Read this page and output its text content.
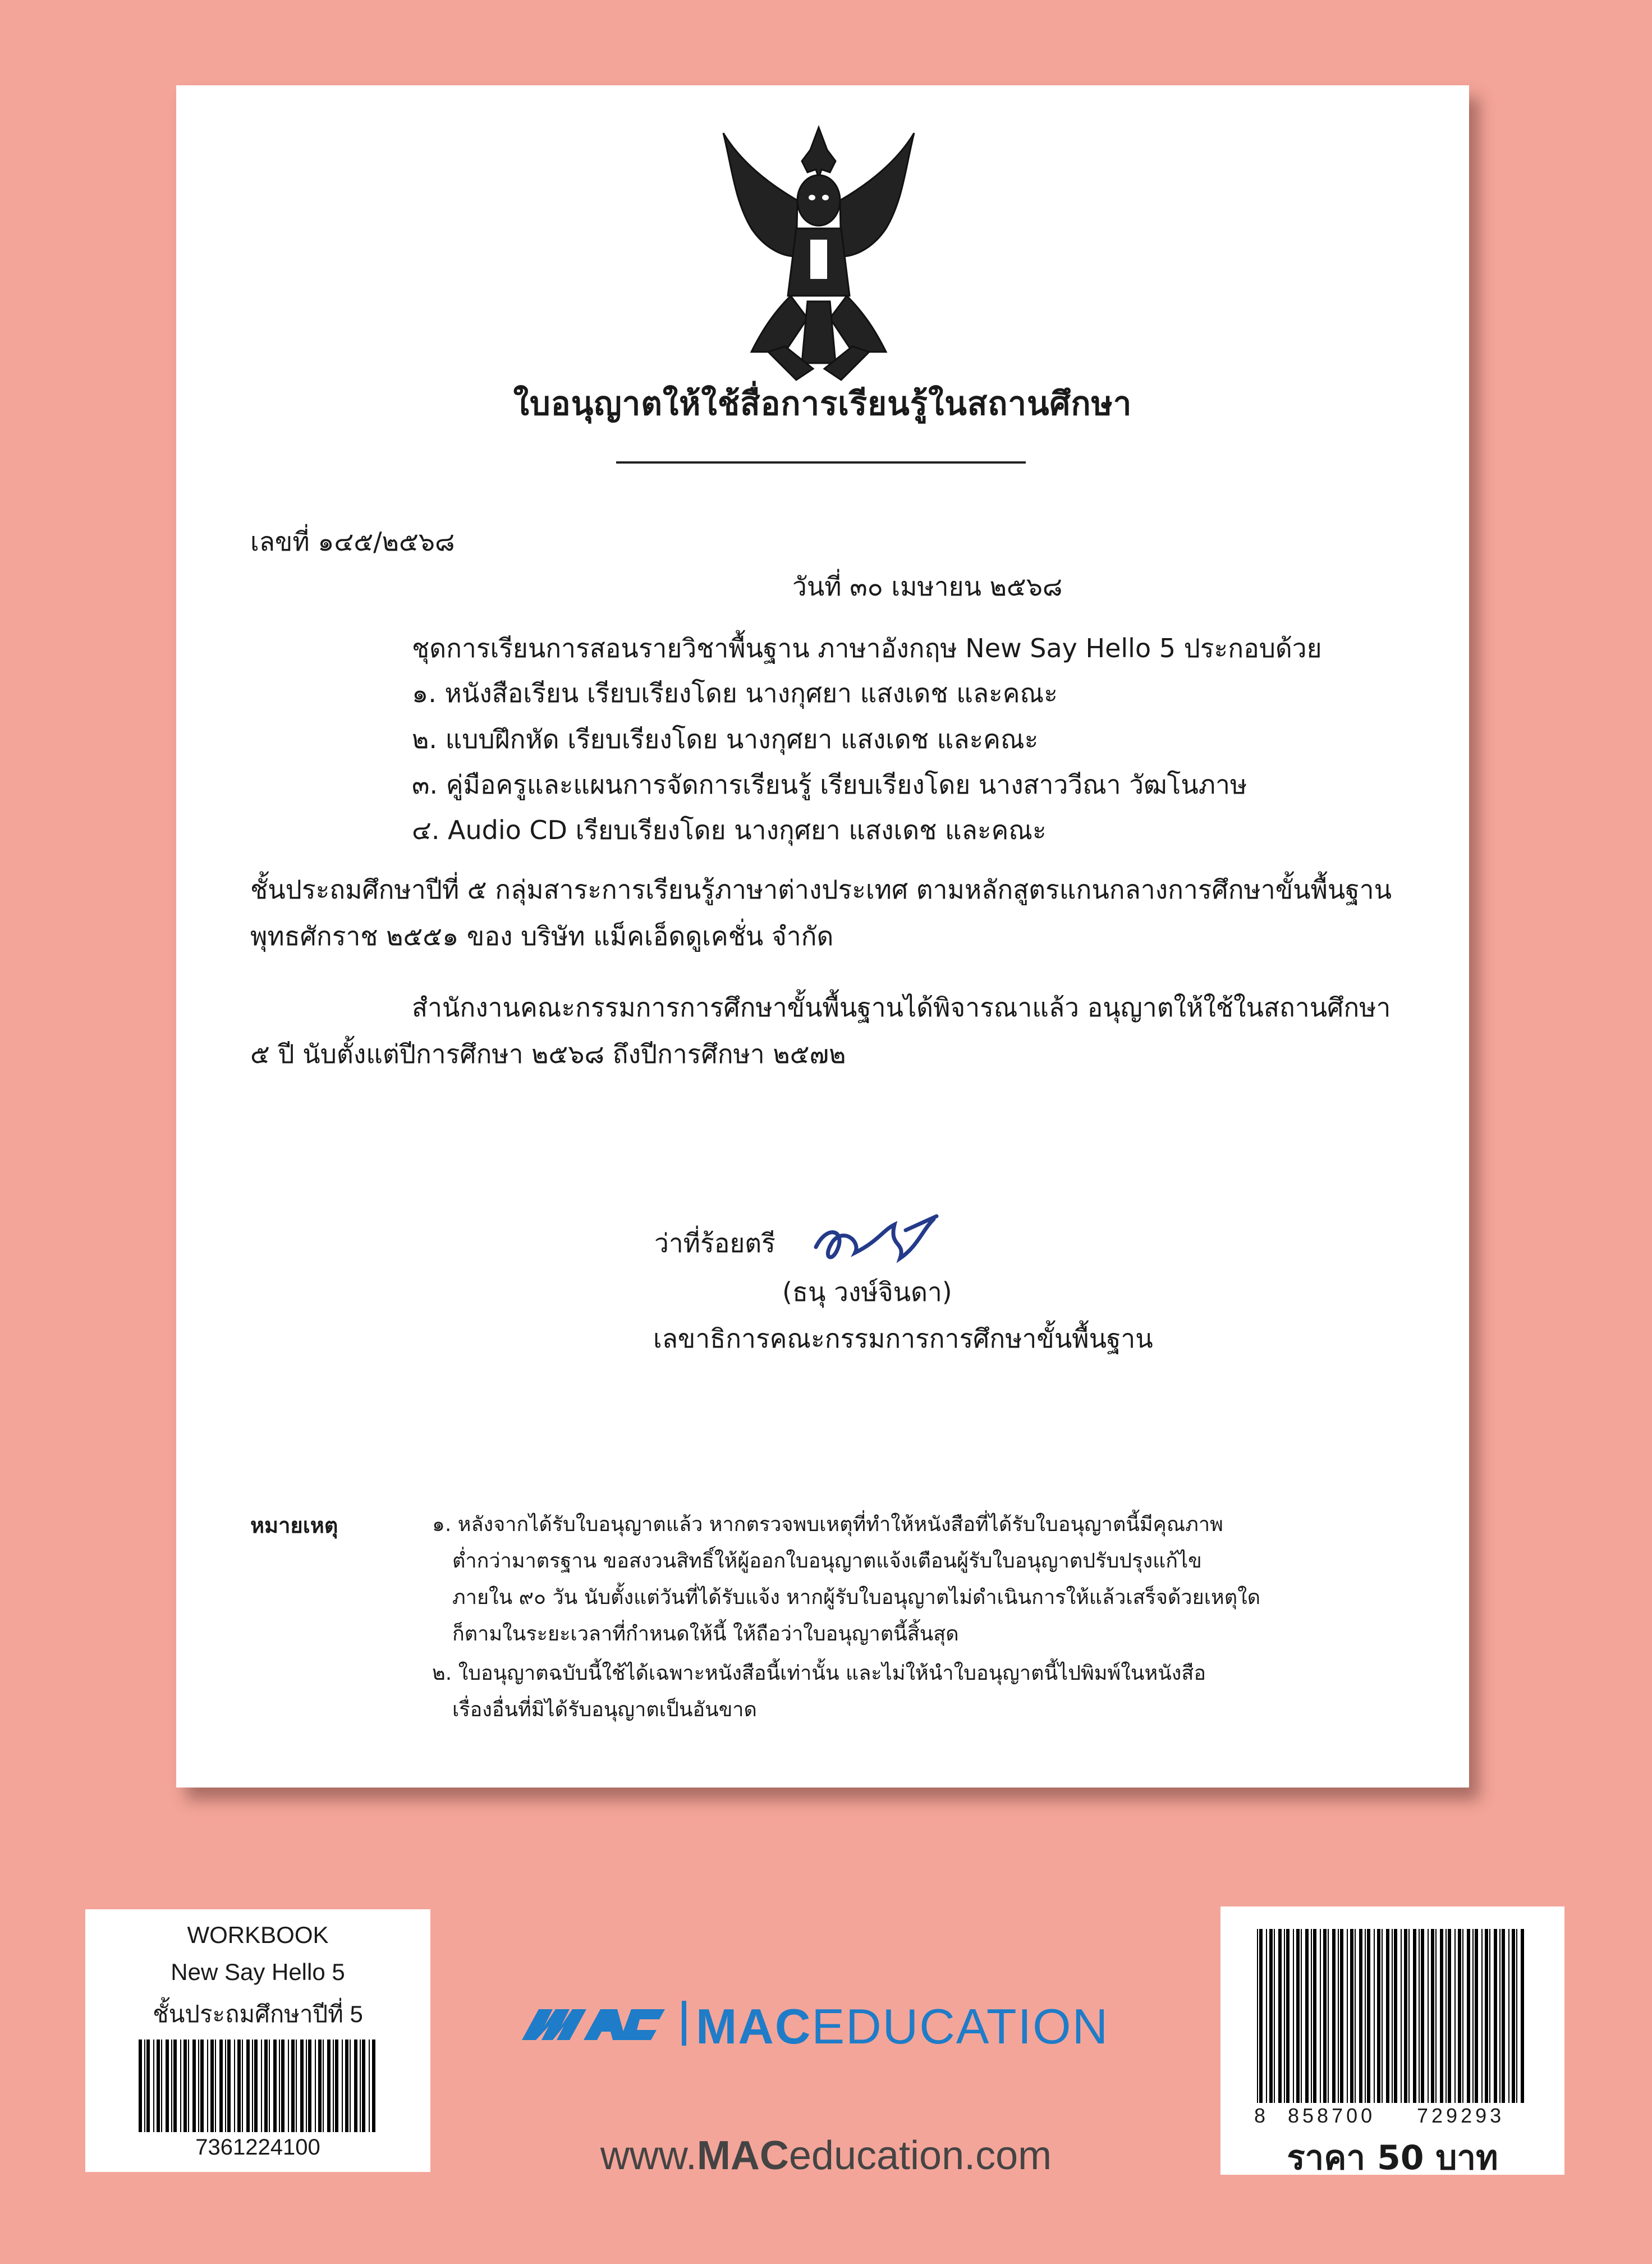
ใบอนุญาตให้ใช้สื่อการเรียนรู้ในสถานศึกษา
เลขที่ ๑๔๕/๒๕๖๘
วันที่ ๓๐ เมษายน ๒๕๖๘
ชุดการเรียนการสอนรายวิชาพื้นฐาน ภาษาอังกฤษ New Say Hello 5 ประกอบด้วย
๑. หนังสือเรียน เรียบเรียงโดย นางกุศยา แสงเดช และคณะ
๒. แบบฝึกหัด เรียบเรียงโดย นางกุศยา แสงเดช และคณะ
๓. คู่มือครูและแผนการจัดการเรียนรู้ เรียบเรียงโดย นางสาววีณา วัฒโนภาษ
๔. Audio CD เรียบเรียงโดย นางกุศยา แสงเดช และคณะ
ชั้นประถมศึกษาปีที่ ๕ กลุ่มสาระการเรียนรู้ภาษาต่างประเทศ ตามหลักสูตรแกนกลางการศึกษาขั้นพื้นฐาน
พุทธศักราช ๒๕๕๑ ของ บริษัท แม็คเอ็ดดูเคชั่น จำกัด
สำนักงานคณะกรรมการการศึกษาขั้นพื้นฐานได้พิจารณาแล้ว อนุญาตให้ใช้ในสถานศึกษา
๕ ปี นับตั้งแต่ปีการศึกษา ๒๕๖๘ ถึงปีการศึกษา ๒๕๗๒
ว่าที่ร้อยตรี
(ธนุ วงษ์จินดา)
เลขาธิการคณะกรรมการการศึกษาขั้นพื้นฐาน
หมายเหตุ	๑. หลังจากได้รับใบอนุญาตแล้ว หากตรวจพบเหตุที่ทำให้หนังสือที่ได้รับใบอนุญาตนี้มีคุณภาพ
ต่ำกว่ามาตรฐาน ขอสงวนสิทธิ์ให้ผู้ออกใบอนุญาตแจ้งเตือนผู้รับใบอนุญาตปรับปรุงแก้ไข
ภายใน ๙๐ วัน นับตั้งแต่วันที่ได้รับแจ้ง หากผู้รับใบอนุญาตไม่ดำเนินการให้แล้วเสร็จด้วยเหตุใด
ก็ตามในระยะเวลาที่กำหนดให้นี้ ให้ถือว่าใบอนุญาตนี้สิ้นสุด
๒. ใบอนุญาตฉบับนี้ใช้ได้เฉพาะหนังสือนี้เท่านั้น และไม่ให้นำใบอนุญาตนี้ไปพิมพ์ในหนังสือ
เรื่องอื่นที่มิได้รับอนุญาตเป็นอันขาด
WORKBOOK
New Say Hello 5
ชั้นประถมศึกษาปีที่ 5
7361224100
MACEDUCATION
www.MACeducation.com
8 858700 729293
ราคา 50 บาท
